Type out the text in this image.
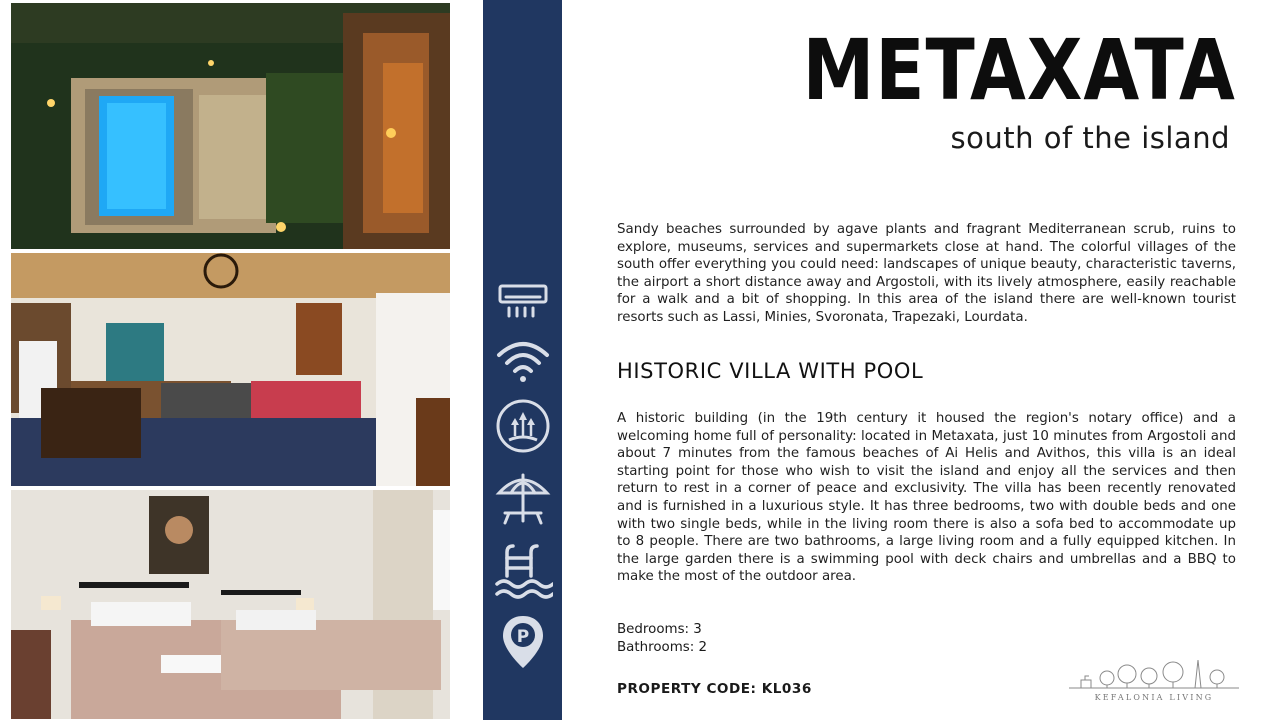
P
METAXATA
south of the island

Sandy beaches surrounded by agave plants and fragrant Mediterranean scrub, ruins to explore, museums, services and supermarkets close at hand. The colorful villages of the south offer everything you could need: landscapes of unique beauty, characteristic taverns, the airport a short distance away and Argostoli, with its lively atmosphere, easily reachable for a walk and a bit of shopping. In this area of the island there are well-known tourist resorts such as Lassi, Minies, Svoronata, Trapezaki, Lourdata.

HISTORIC VILLA WITH POOL

A historic building (in the 19th century it housed the region's notary office) and a welcoming home full of personality: located in Metaxata, just 10 minutes from Argostoli and about 7 minutes from the famous beaches of Ai Helis and Avithos, this villa is an ideal starting point for those who wish to visit the island and enjoy all the services and then return to rest in a corner of peace and exclusivity. The villa has been recently renovated and is furnished in a luxurious style. It has three bedrooms, two with double beds and one with two single beds, while in the living room there is also a sofa bed to accommodate up to 8 people. There are two bathrooms, a large living room and a fully equipped kitchen. In the large garden there is a swimming pool with deck chairs and umbrellas and a BBQ to make the most of the outdoor area.

Bedrooms: 3
Bathrooms: 2
PROPERTY CODE: KL036
KEFALONIA LIVING
